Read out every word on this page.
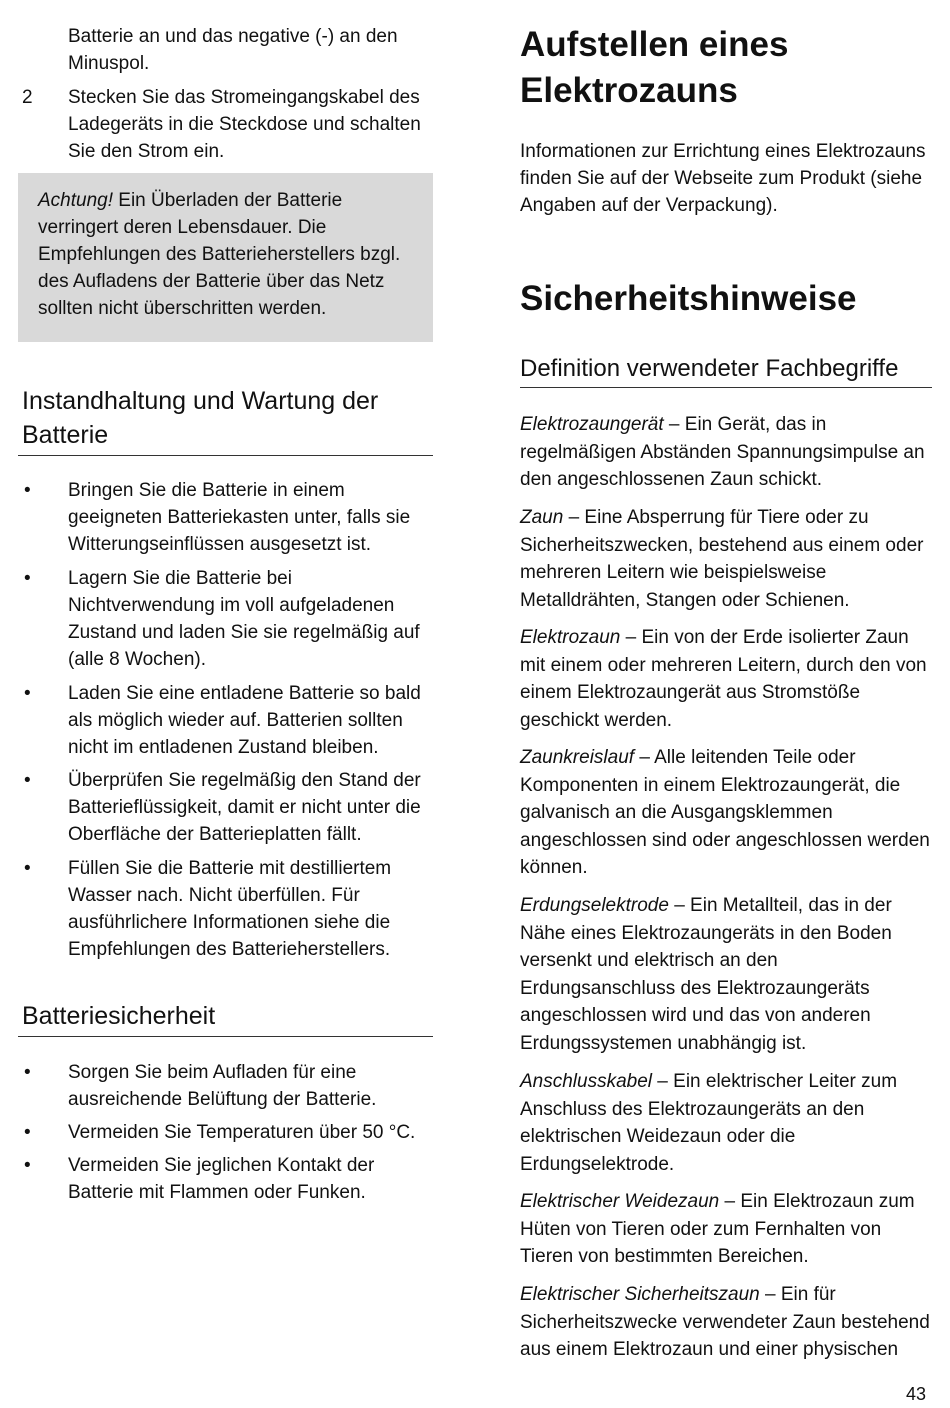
Batterie an und das negative (-) an den Minuspol.
2 Stecken Sie das Stromeingangskabel des Ladegeräts in die Steckdose und schalten Sie den Strom ein.
Achtung! Ein Überladen der Batterie verringert deren Lebensdauer. Die Empfehlungen des Batterieherstellers bzgl. des Aufladens der Batterie über das Netz sollten nicht überschritten werden.
Instandhaltung und Wartung der Batterie
• Bringen Sie die Batterie in einem geeigneten Batteriekasten unter, falls sie Witterungseinflüssen ausgesetzt ist.
• Lagern Sie die Batterie bei Nichtverwendung im voll aufgeladenen Zustand und laden Sie sie regelmäßig auf (alle 8 Wochen).
• Laden Sie eine entladene Batterie so bald als möglich wieder auf. Batterien sollten nicht im entladenen Zustand bleiben.
• Überprüfen Sie regelmäßig den Stand der Batterieflüssigkeit, damit er nicht unter die Oberfläche der Batterieplatten fällt.
• Füllen Sie die Batterie mit destilliertem Wasser nach. Nicht überfüllen. Für ausführlichere Informationen siehe die Empfehlungen des Batterieherstellers.
Batteriesicherheit
• Sorgen Sie beim Aufladen für eine ausreichende Belüftung der Batterie.
• Vermeiden Sie Temperaturen über 50 °C.
• Vermeiden Sie jeglichen Kontakt der Batterie mit Flammen oder Funken.
Aufstellen eines Elektrozauns

Informationen zur Errichtung eines Elektrozauns finden Sie auf der Webseite zum Produkt (siehe Angaben auf der Verpackung).

Sicherheitshinweise
Definition verwendeter Fachbegriffe
Elektrozaungerät – Ein Gerät, das in regelmäßigen Abständen Spannungsimpulse an den angeschlossenen Zaun schickt.
Zaun – Eine Absperrung für Tiere oder zu Sicherheitszwecken, bestehend aus einem oder mehreren Leitern wie beispielsweise Metalldrähten, Stangen oder Schienen.
Elektrozaun – Ein von der Erde isolierter Zaun mit einem oder mehreren Leitern, durch den von einem Elektrozaungerät aus Stromstöße geschickt werden.
Zaunkreislauf – Alle leitenden Teile oder Komponenten in einem Elektrozaungerät, die galvanisch an die Ausgangsklemmen angeschlossen sind oder angeschlossen werden können.
Erdungselektrode – Ein Metallteil, das in der Nähe eines Elektrozaungeräts in den Boden versenkt und elektrisch an den Erdungsanschluss des Elektrozaungeräts angeschlossen wird und das von anderen Erdungssystemen unabhängig ist.
Anschlusskabel – Ein elektrischer Leiter zum Anschluss des Elektrozaungeräts an den elektrischen Weidezaun oder die Erdungselektrode.
Elektrischer Weidezaun – Ein Elektrozaun zum Hüten von Tieren oder zum Fernhalten von Tieren von bestimmten Bereichen.
Elektrischer Sicherheitszaun – Ein für Sicherheitszwecke verwendeter Zaun bestehend aus einem Elektrozaun und einer physischen
43
